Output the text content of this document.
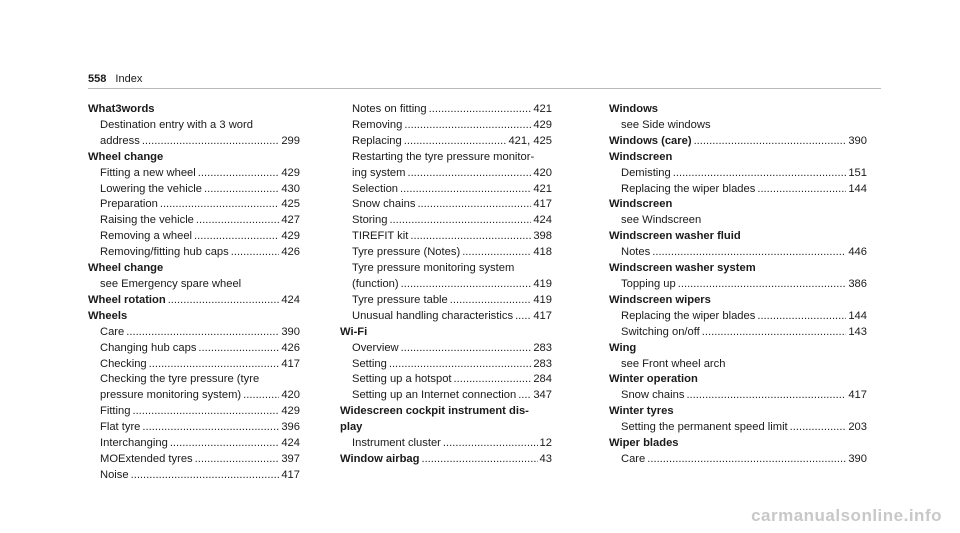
558 Index
What3words
Destination entry with a 3 word
address .....	299
Wheel change
Fitting a new wheel .....	429
Lowering the vehicle .....	430
Preparation .....	425
Raising the vehicle .....	427
Removing a wheel .....	429
Removing/fitting hub caps .....	426
Wheel change
see Emergency spare wheel
Wheel rotation .....	424
Wheels
Care .....	390
Changing hub caps .....	426
Checking .....	417
Checking the tyre pressure (tyre
pressure monitoring system) .....	420
Fitting .....	429
Flat tyre .....	396
Interchanging .....	424
MOExtended tyres .....	397
Noise .....	417
Notes on fitting .....	421
Removing .....	429
Replacing .....	421, 425
Restarting the tyre pressure monitor-
ing system .....	420
Selection .....	421
Snow chains .....	417
Storing .....	424
TIREFIT kit .....	398
Tyre pressure (Notes) .....	418
Tyre pressure monitoring system
(function) .....	419
Tyre pressure table .....	419
Unusual handling characteristics ..... 417
Wi-Fi
Overview .....	283
Setting .....	283
Setting up a hotspot .....	284
Setting up an Internet connection ..... 347
Widescreen cockpit instrument dis-
play
Instrument cluster .....	12
Window airbag .....	43
Windows
see Side windows
Windows (care) .....	390
Windscreen
Demisting .....	151
Replacing the wiper blades .....	144
Windscreen
see Windscreen
Windscreen washer fluid
Notes .....	446
Windscreen washer system
Topping up .....	386
Windscreen wipers
Replacing the wiper blades .....	144
Switching on/off .....	143
Wing
see Front wheel arch
Winter operation
Snow chains .....	417
Winter tyres
Setting the permanent speed limit .....	203
Wiper blades
Care .....	390
carmanualsonline.info
